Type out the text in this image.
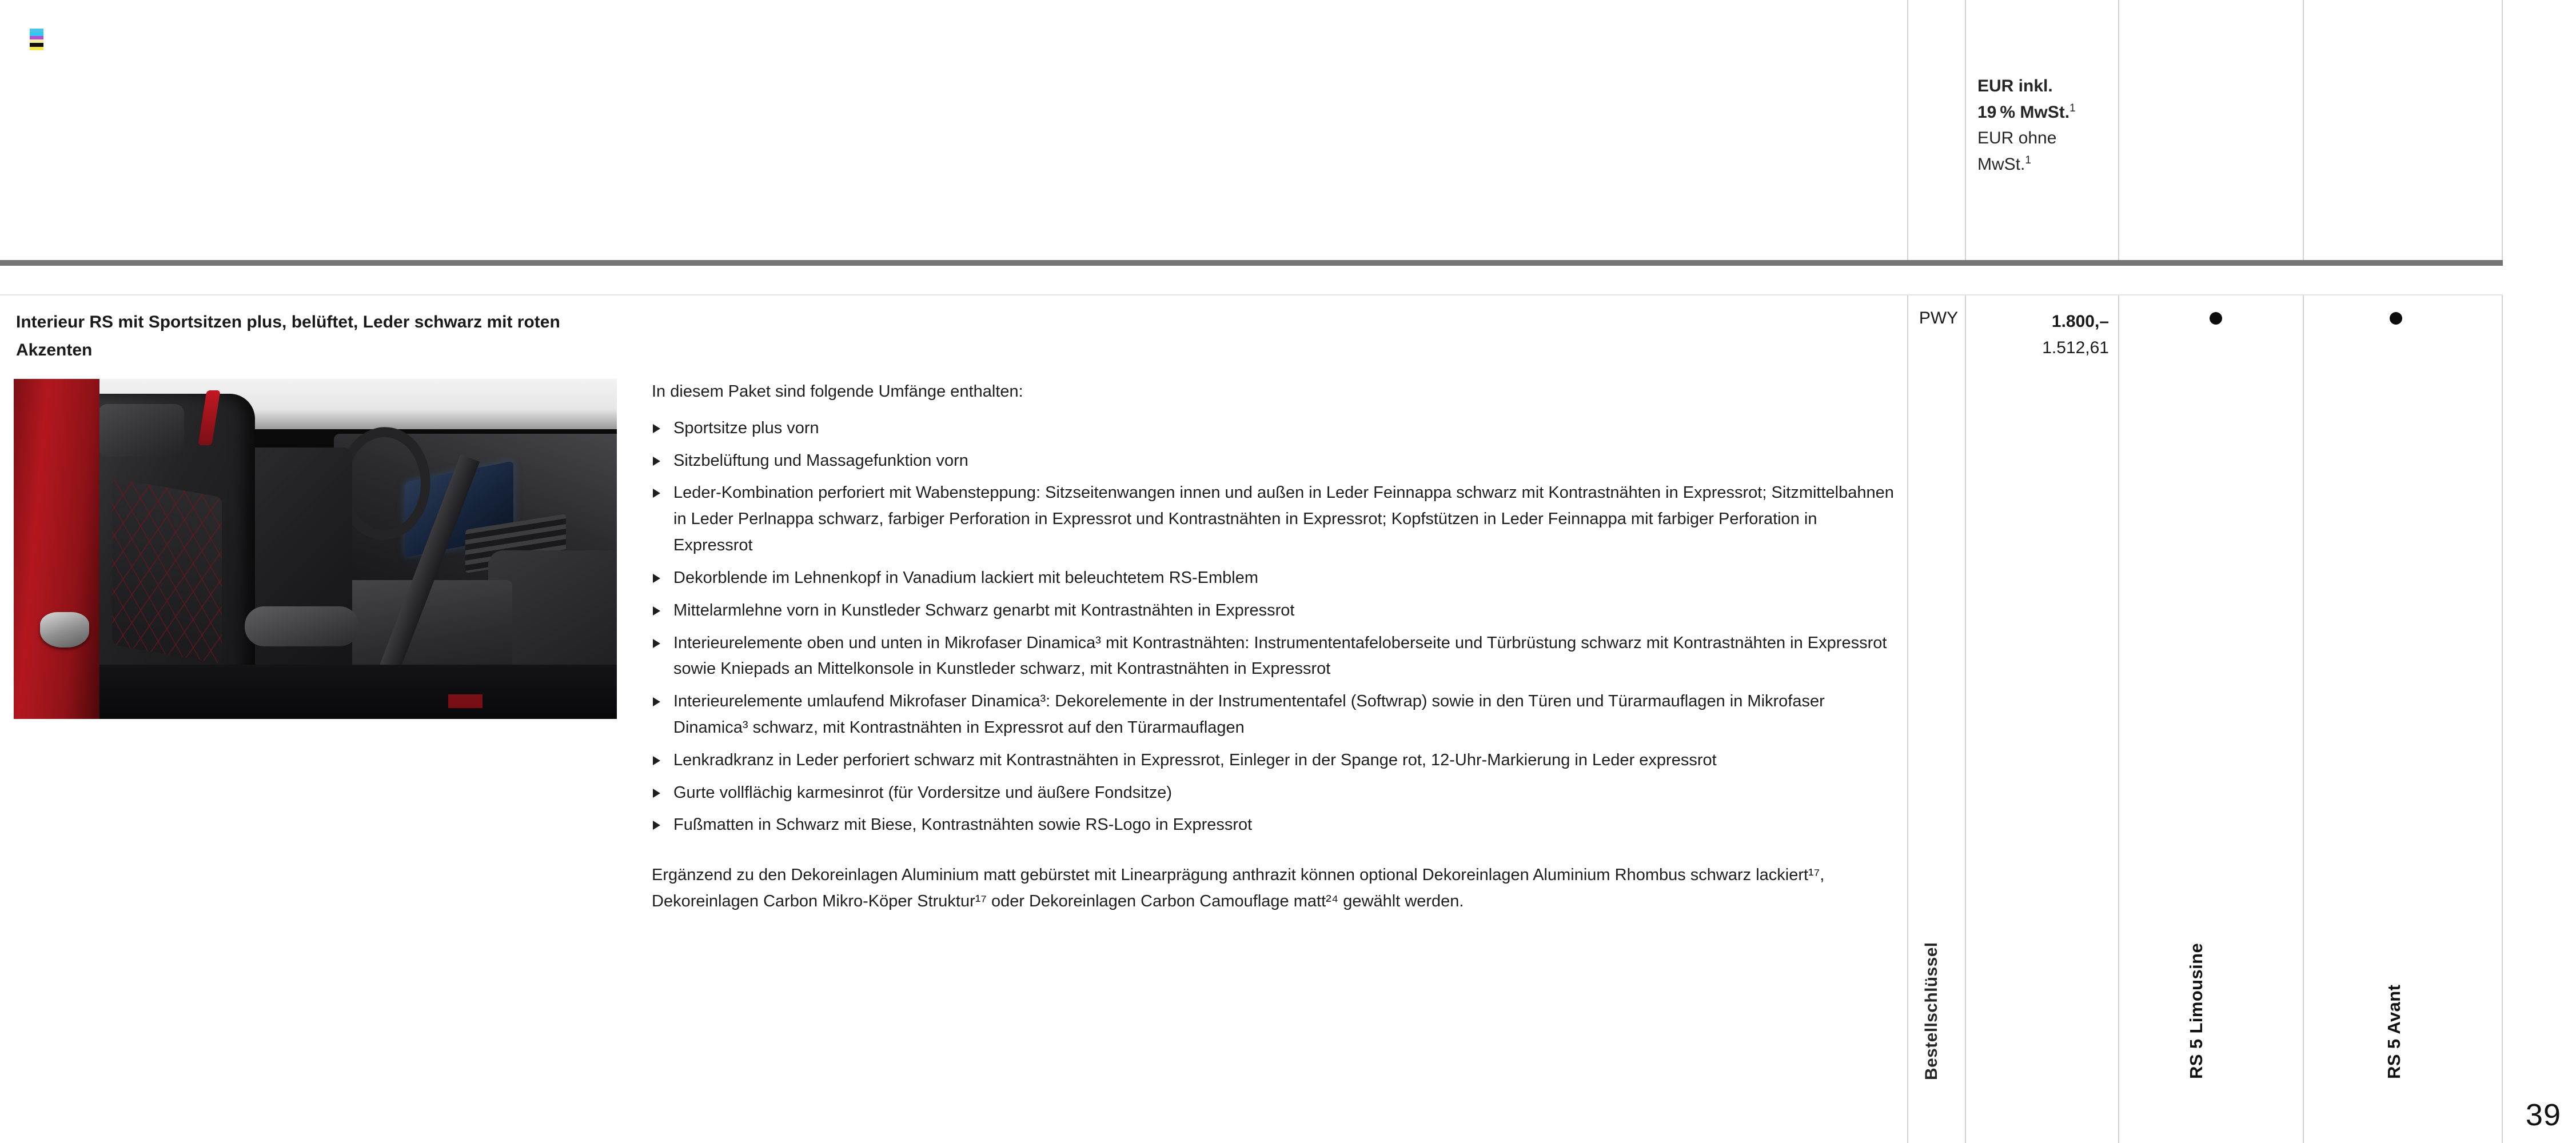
Bestellschlüssel
EUR inkl.
19 % MwSt.$^1$
EUR ohne
MwSt.$^1$
RS 5 Limousine	RS 5 Avant
Interieur RS mit Sportsitzen plus, belüftet, Leder schwarz mit roten Akzenten

In diesem Paket sind folgende Umfänge enthalten:

Sportsitze plus vorn
Sitzbelüftung und Massagefunktion vorn
Leder-Kombination perforiert mit Wabensteppung: Sitzseitenwangen innen und außen in Leder Feinnappa schwarz mit Kontrastnähten in Expressrot; Sitzmittelbahnen in Leder Perlnappa schwarz, farbiger Perforation in Expressrot und Kontrastnähten in Expressrot; Kopfstützen in Leder Feinnappa mit farbiger Perforation in Expressrot
Dekorblende im Lehnenkopf in Vanadium lackiert mit beleuchtetem RS-Emblem
Mittelarmlehne vorn in Kunstleder Schwarz genarbt mit Kontrastnähten in Expressrot
Interieurelemente oben und unten in Mikrofaser Dinamica³ mit Kontrastnähten: Instrumententafeloberseite und Türbrüstung schwarz mit Kontrastnähten in Expressrot sowie Kniepads an Mittelkonsole in Kunstleder schwarz, mit Kontrastnähten in Expressrot
Interieurelemente umlaufend Mikrofaser Dinamica³: Dekorelemente in der Instrumententafel (Softwrap) sowie in den Türen und Türarmauflagen in Mikrofaser Dinamica³ schwarz, mit Kontrastnähten in Expressrot auf den Türarmauflagen
Lenkradkranz in Leder perforiert schwarz mit Kontrastnähten in Expressrot, Einleger in der Spange rot, 12-Uhr-Markierung in Leder expressrot
Gurte vollflächig karmesinrot (für Vordersitze und äußere Fondsitze)
Fußmatten in Schwarz mit Biese, Kontrastnähten sowie RS-Logo in Expressrot

Ergänzend zu den Dekoreinlagen Aluminium matt gebürstet mit Linearprägung anthrazit können optional Dekoreinlagen Aluminium Rhombus schwarz lackiert¹⁷, Dekoreinlagen Carbon Mikro-Köper Struktur¹⁷ oder Dekoreinlagen Carbon Camouflage matt²⁴ gewählt werden.

PWY	1.800,–
1.512,61
39
